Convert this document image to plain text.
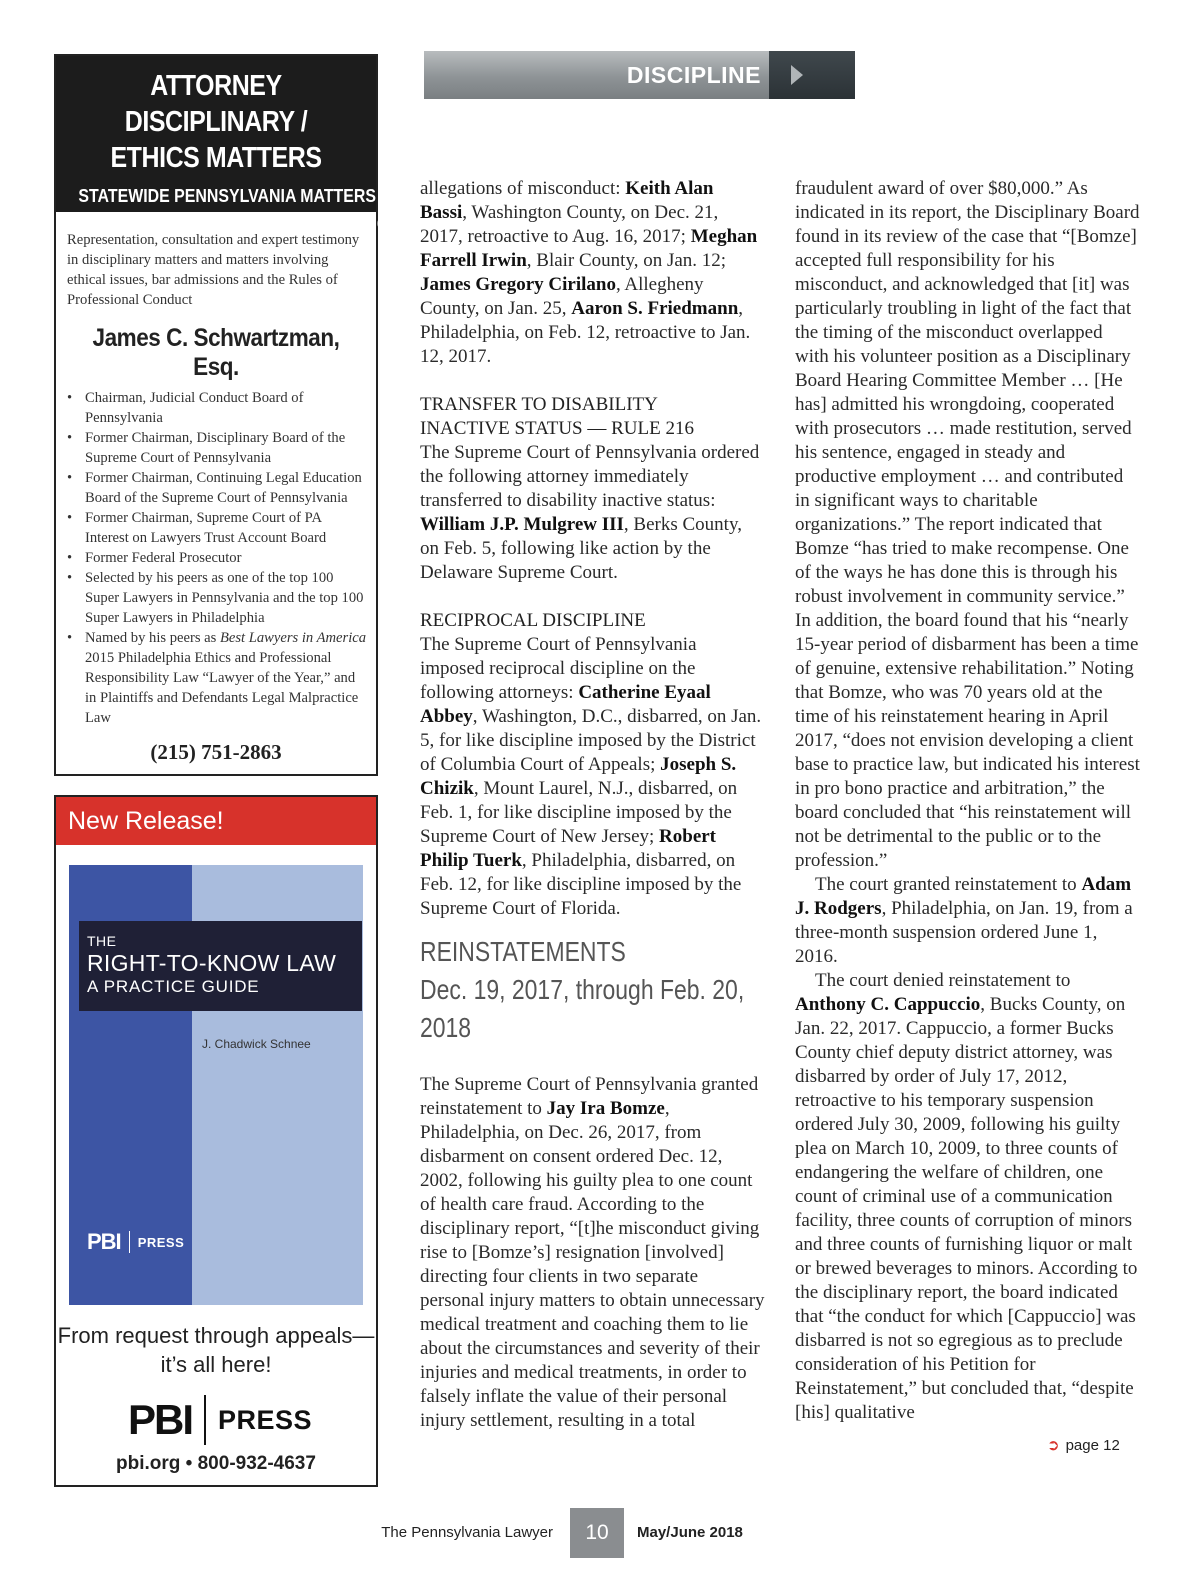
ATTORNEY DISCIPLINARY /
ETHICS MATTERS
STATEWIDE PENNSYLVANIA MATTERS
NO CHARGE FOR INITIAL CONSULTATION
Representation, consultation and expert testimony in disciplinary matters and matters involving ethical issues, bar admissions and the Rules of Professional Conduct
James C. Schwartzman, Esq.
• Chairman, Judicial Conduct Board of Pennsylvania
• Former Chairman, Disciplinary Board of the Supreme Court of Pennsylvania
• Former Chairman, Continuing Legal Education Board of the Supreme Court of Pennsylvania
• Former Chairman, Supreme Court of PA Interest on Lawyers Trust Account Board
• Former Federal Prosecutor
• Selected by his peers as one of the top 100 Super Lawyers in Pennsylvania and the top 100 Super Lawyers in Philadelphia
• Named by his peers as Best Lawyers in America 2015 Philadelphia Ethics and Professional Responsibility Law “Lawyer of the Year,” and in Plaintiffs and Defendants Legal Malpractice Law
(215) 751-2863
New Release!
THE
RIGHT-TO-KNOW LAW
A PRACTICE GUIDE
J. Chadwick Schnee
PBI PRESS
From request through appeals—
it’s all here!
PBI PRESS
pbi.org • 800-932-4637
DISCIPLINE

allegations of misconduct: Keith Alan Bassi, Washington County, on Dec. 21, 2017, retroactive to Aug. 16, 2017; Meghan Farrell Irwin, Blair County, on Jan. 12; James Gregory Cirilano, Allegheny County, on Jan. 25, Aaron S. Friedmann, Philadelphia, on Feb. 12, retroactive to Jan. 12, 2017.

TRANSFER TO DISABILITY
INACTIVE STATUS — RULE 216

The Supreme Court of Pennsylvania ordered the following attorney immediately transferred to disability inactive status: William J.P. Mulgrew III, Berks County, on Feb. 5, following like action by the Delaware Supreme Court.

RECIPROCAL DISCIPLINE

The Supreme Court of Pennsylvania imposed reciprocal discipline on the following attorneys: Catherine Eyaal Abbey, Washington, D.C., disbarred, on Jan. 5, for like discipline imposed by the District of Columbia Court of Appeals; Joseph S. Chizik, Mount Laurel, N.J., disbarred, on Feb. 1, for like discipline imposed by the Supreme Court of New Jersey; Robert Philip Tuerk, Philadelphia, disbarred, on Feb. 12, for like discipline imposed by the Supreme Court of Florida.

REINSTATEMENTS
Dec. 19, 2017, through Feb. 20, 2018

The Supreme Court of Pennsylvania granted reinstatement to Jay Ira Bomze, Philadelphia, on Dec. 26, 2017, from disbarment on consent ordered Dec. 12, 2002, following his guilty plea to one count of health care fraud. According to the disciplinary report, “[t]he misconduct giving rise to [Bomze’s] resignation [involved] directing four clients in two separate personal injury matters to obtain unnecessary medical treatment and coaching them to lie about the circumstances and severity of their injuries and medical treatments, in order to falsely inflate the value of their personal injury settlement, resulting in a total

fraudulent award of over $80,000.” As indicated in its report, the Disciplinary Board found in its review of the case that “[Bomze] accepted full responsibility for his misconduct, and acknowledged that [it] was particularly troubling in light of the fact that the timing of the misconduct overlapped with his volunteer position as a Disciplinary Board Hearing Committee Member … [He has] admitted his wrongdoing, cooperated with prosecutors … made restitution, served his sentence, engaged in steady and productive employment … and contributed in significant ways to charitable organizations.” The report indicated that Bomze “has tried to make recompense. One of the ways he has done this is through his robust involvement in community service.” In addition, the board found that his “nearly 15-year period of disbarment has been a time of genuine, extensive rehabilitation.” Noting that Bomze, who was 70 years old at the time of his reinstatement hearing in April 2017, “does not envision developing a client base to practice law, but indicated his interest in pro bono practice and arbitration,” the board concluded that “his reinstatement will not be detrimental to the public or to the profession.”

The court granted reinstatement to Adam J. Rodgers, Philadelphia, on Jan. 19, from a three-month suspension ordered June 1, 2016.

The court denied reinstatement to Anthony C. Cappuccio, Bucks County, on Jan. 22, 2017. Cappuccio, a former Bucks County chief deputy district attorney, was disbarred by order of July 17, 2012, retroactive to his temporary suspension ordered July 30, 2009, following his guilty plea on March 10, 2009, to three counts of endangering the welfare of children, one count of criminal use of a communication facility, three counts of corruption of minors and three counts of furnishing liquor or malt or brewed beverages to minors. According to the disciplinary report, the board indicated that “the conduct for which [Cappuccio] was disbarred is not so egregious as to preclude consideration of his Petition for Reinstatement,” but concluded that, “despite [his] qualitative

➲ page 12
The Pennsylvania Lawyer	10	May/June 2018
